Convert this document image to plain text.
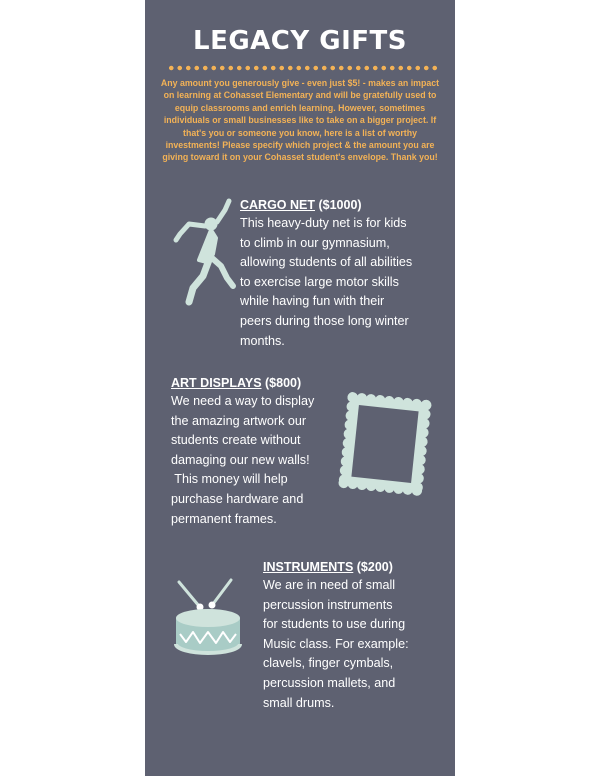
LEGACY GIFTS
Any amount you generously give - even just $5! - makes an impact on learning at Cohasset Elementary and will be gratefully used to equip classrooms and enrich learning. However, sometimes individuals or small businesses like to take on a bigger project. If that's you or someone you know, here is a list of worthy investments! Please specify which project & the amount you are giving toward it on your Cohasset student's envelope. Thank you!
CARGO NET ($1000)
This heavy-duty net is for kids
to climb in our gymnasium,
allowing students of all abilities
to exercise large motor skills
while having fun with their
peers during those long winter
months.
ART DISPLAYS ($800)
We need a way to display
the amazing artwork our
students create without
damaging our new walls!
This money will help
purchase hardware and
permanent frames.
INSTRUMENTS ($200)
We are in need of small
percussion instruments
for students to use during
Music class. For example:
clavels, finger cymbals,
percussion mallets, and
small drums.
